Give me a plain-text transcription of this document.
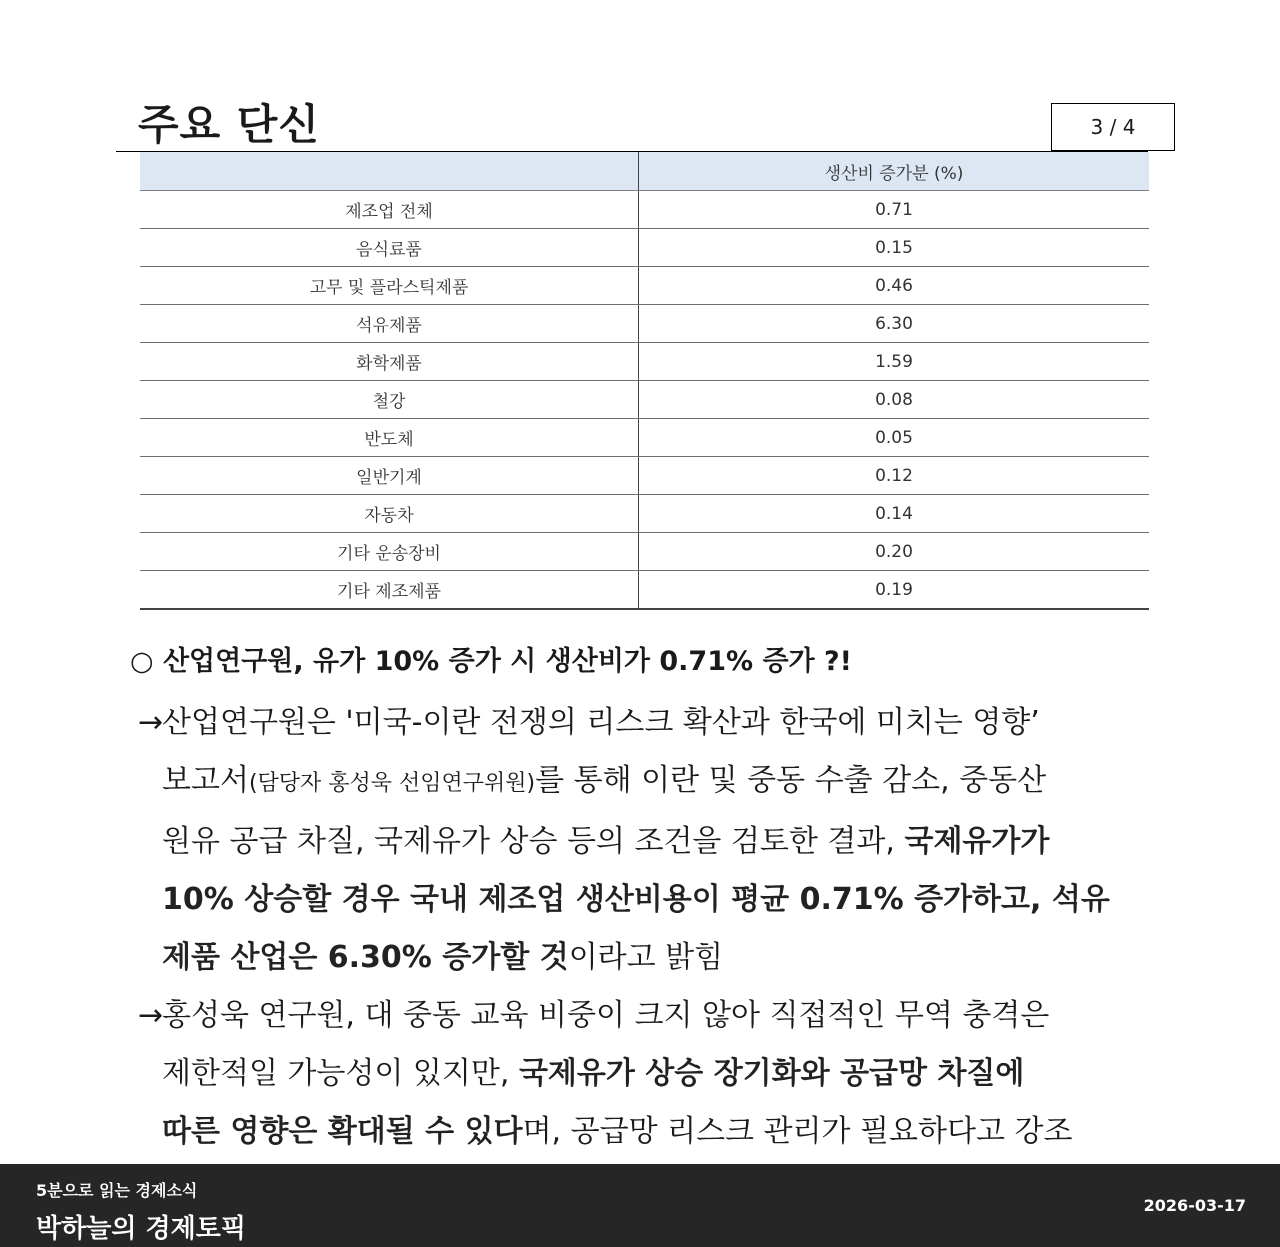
주요 단신	3 / 4
	생산비 증가분 (%)
제조업 전체	0.71
음식료품	0.15
고무 및 플라스틱제품	0.46
석유제품	6.30
화학제품	1.59
철강	0.08
반도체	0.05
일반기계	0.12
자동차	0.14
기타 운송장비	0.20
기타 제조제품	0.19
○ 산업연구원, 유가 10% 증가 시 생산비가 0.71% 증가 ?!
→
산업연구원은 '미국-이란 전쟁의 리스크 확산과 한국에 미치는 영향’
보고서(담당자 홍성욱 선임연구위원)를 통해 이란 및 중동 수출 감소, 중동산
원유 공급 차질, 국제유가 상승 등의 조건을 검토한 결과, 국제유가가
10% 상승할 경우 국내 제조업 생산비용이 평균 0.71% 증가하고, 석유
제품 산업은 6.30% 증가할 것이라고 밝힘
→
홍성욱 연구원, 대 중동 교육 비중이 크지 않아 직접적인 무역 충격은
제한적일 가능성이 있지만, 국제유가 상승 장기화와 공급망 차질에
따른 영향은 확대될 수 있다며, 공급망 리스크 관리가 필요하다고 강조
5분으로 읽는 경제소식
박하늘의 경제토픽
2026-03-17
